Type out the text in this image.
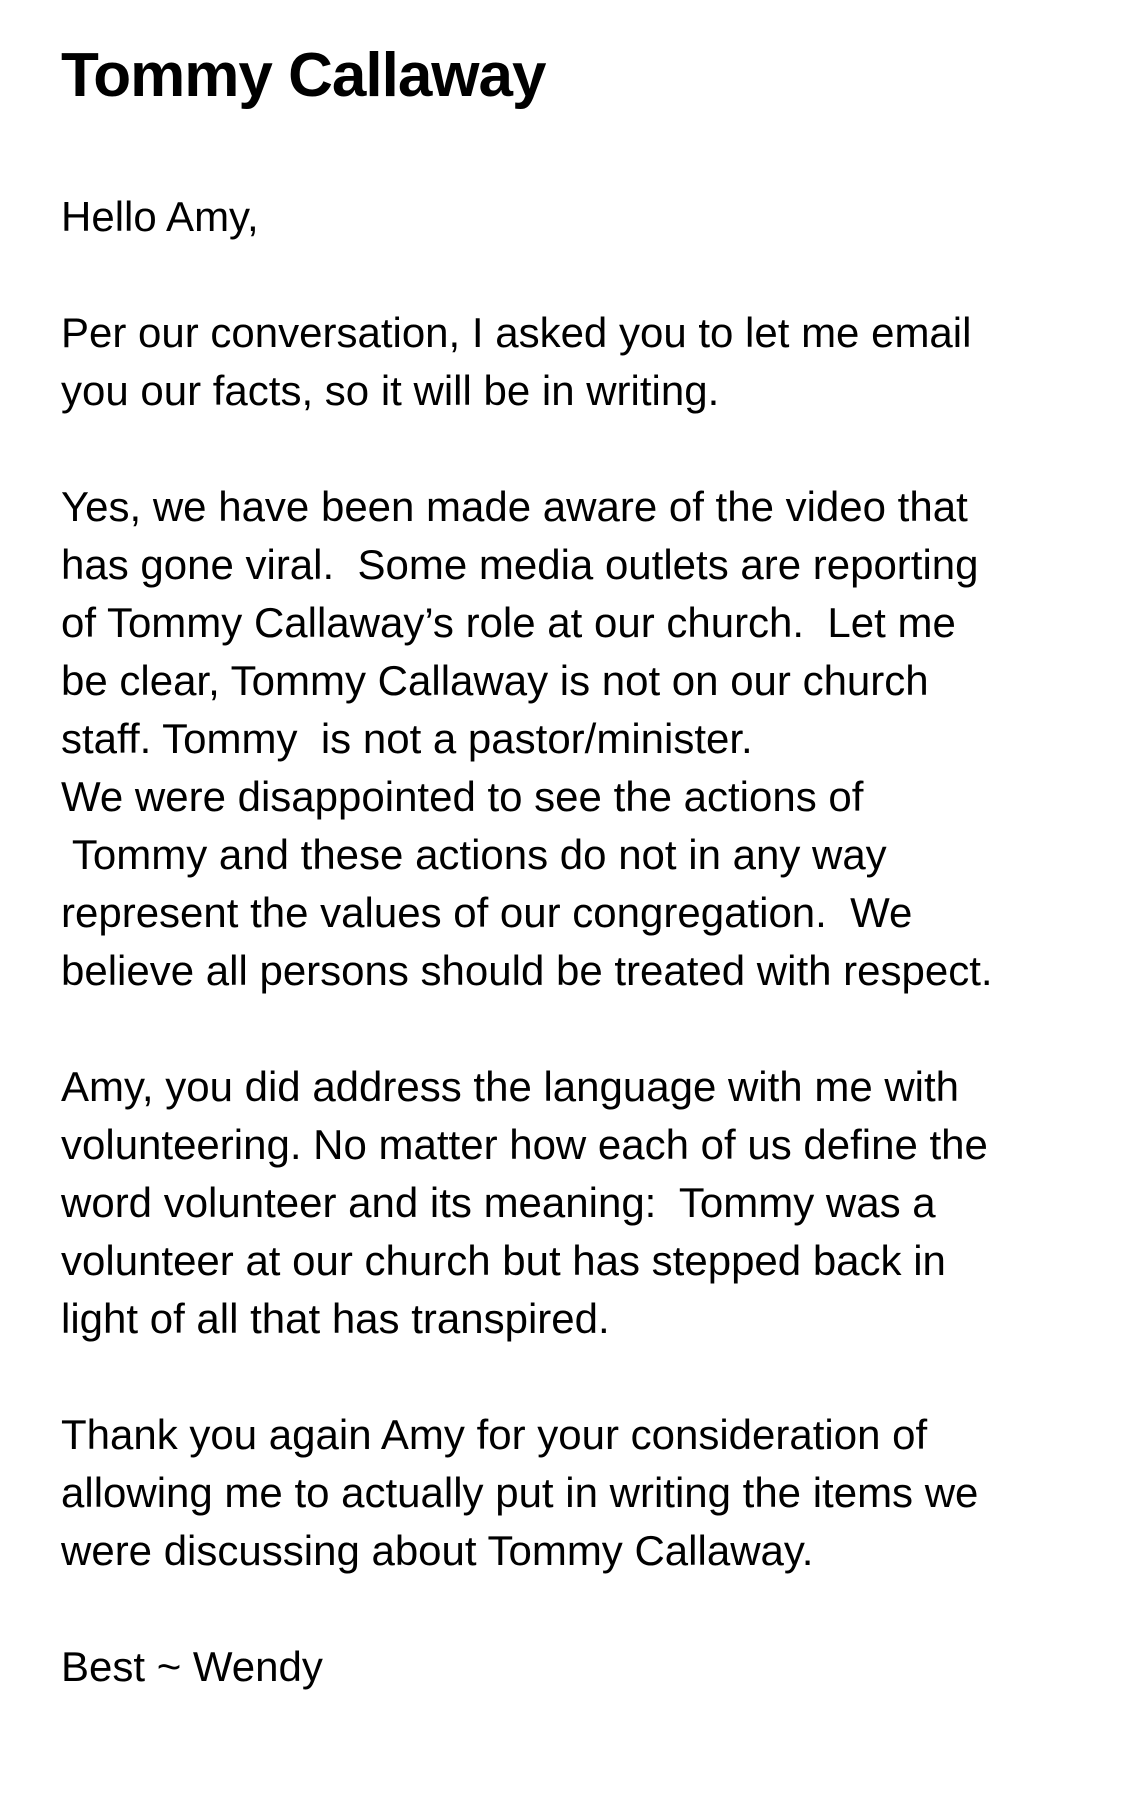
Tommy Callaway
Hello Amy,
Per our conversation, I asked you to let me email
you our facts, so it will be in writing.
Yes, we have been made aware of the video that
has gone viral.  Some media outlets are reporting
of Tommy Callaway’s role at our church.  Let me
be clear, Tommy Callaway is not on our church
staff. Tommy  is not a pastor/minister.
We were disappointed to see the actions of
Tommy and these actions do not in any way
represent the values of our congregation.  We
believe all persons should be treated with respect.
Amy, you did address the language with me with
volunteering. No matter how each of us define the
word volunteer and its meaning:  Tommy was a
volunteer at our church but has stepped back in
light of all that has transpired.
Thank you again Amy for your consideration of
allowing me to actually put in writing the items we
were discussing about Tommy Callaway.
Best ~ Wendy
